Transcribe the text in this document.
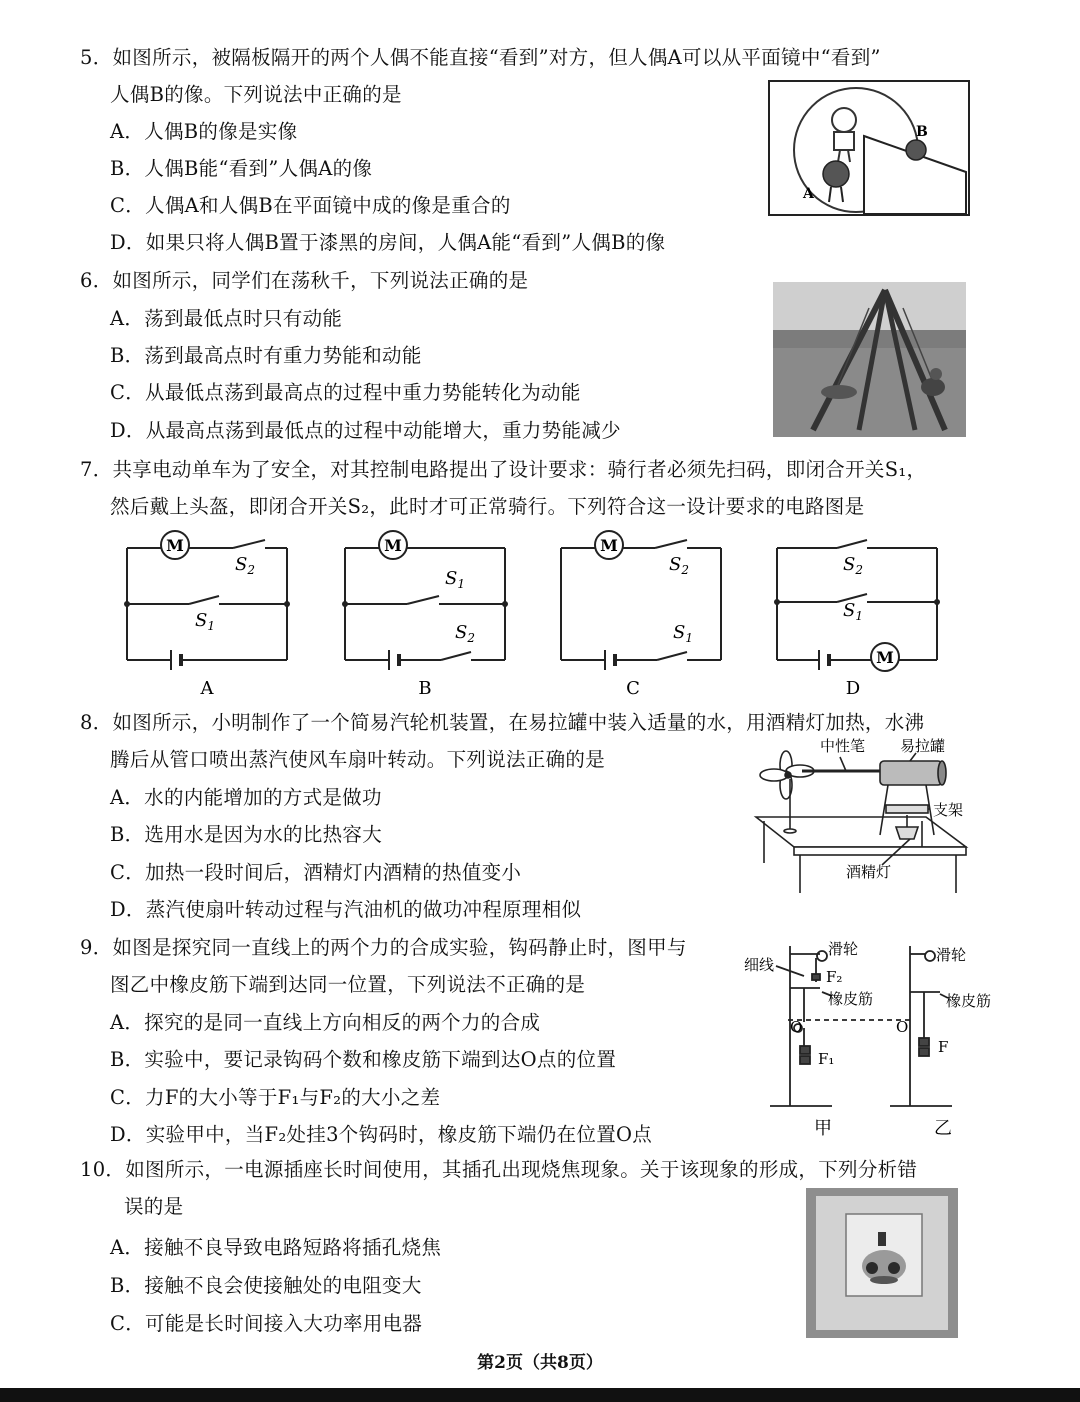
5．如图所示，被隔板隔开的两个人偶不能直接“看到”对方，但人偶A可以从平面镜中“看到”
人偶B的像。下列说法中正确的是
A．人偶B的像是实像
B．人偶B能“看到”人偶A的像
C．人偶A和人偶B在平面镜中成的像是重合的
D．如果只将人偶B置于漆黑的房间，人偶A能“看到”人偶B的像
B
A
6．如图所示，同学们在荡秋千，下列说法正确的是
A．荡到最低点时只有动能
B．荡到最高点时有重力势能和动能
C．从最低点荡到最高点的过程中重力势能转化为动能
D．从最高点荡到最低点的过程中动能增大，重力势能减少
7．共享电动单车为了安全，对其控制电路提出了设计要求：骑行者必须先扫码，即闭合开关S₁，
然后戴上头盔，即闭合开关S₂，此时才可正常骑行。下列符合这一设计要求的电路图是
M	M	M
M
$S_2$
$S_1$
$S_1$
$S_2$
$S_2$
$S_1$
$S_2$
$S_1$
A	B	C	D
8．如图所示，小明制作了一个简易汽轮机装置，在易拉罐中装入适量的水，用酒精灯加热，水沸
腾后从管口喷出蒸汽使风车扇叶转动。下列说法正确的是
A．水的内能增加的方式是做功
B．选用水是因为水的比热容大
C．加热一段时间后，酒精灯内酒精的热值变小
D．蒸汽使扇叶转动过程与汽油机的做功冲程原理相似
中性笔 易拉罐
支架
酒精灯
9．如图是探究同一直线上的两个力的合成实验，钩码静止时，图甲与
图乙中橡皮筋下端到达同一位置，下列说法不正确的是
A．探究的是同一直线上方向相反的两个力的合成
B．实验中，要记录钩码个数和橡皮筋下端到达O点的位置
C．力F的大小等于F₁与F₂的大小之差
D．实验甲中，当F₂处挂3个钩码时，橡皮筋下端仍在位置O点
滑轮
细线
F₂
橡皮筋
O
F₁
滑轮
橡皮筋
O
F
甲	乙
10．如图所示，一电源插座长时间使用，其插孔出现烧焦现象。关于该现象的形成，下列分析错
误的是
A．接触不良导致电路短路将插孔烧焦
B．接触不良会使接触处的电阻变大
C．可能是长时间接入大功率用电器
第2页（共8页）
